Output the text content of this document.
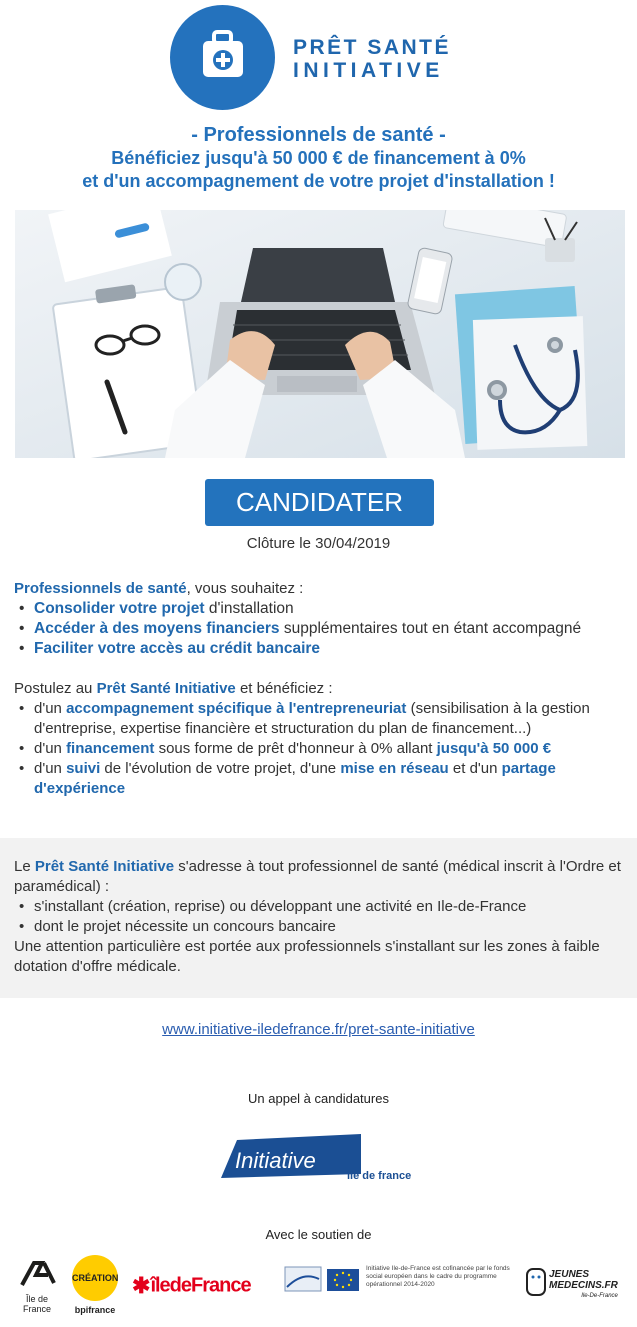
PRÊT SANTÉ
INITIATIVE
- Professionnels de santé -
Bénéficiez jusqu'à 50 000 € de financement à 0%
et d'un accompagnement de votre projet d'installation !
CANDIDATER
Clôture le 30/04/2019

Professionnels de santé, vous souhaitez :

• Consolider votre projet d'installation
• Accéder à des moyens financiers supplémentaires tout en étant accompagné
• Faciliter votre accès au crédit bancaire

Postulez au Prêt Santé Initiative et bénéficiez :

• d'un accompagnement spécifique à l'entrepreneuriat (sensibilisation à la gestion d'entreprise, expertise financière et structuration du plan de financement...)
• d'un financement sous forme de prêt d'honneur à 0% allant jusqu'à 50 000 €
• d'un suivi de l'évolution de votre projet, d'une mise en réseau et d'un partage d'expérience

Le Prêt Santé Initiative s'adresse à tout professionnel de santé (médical inscrit à l'Ordre et paramédical) :

• s'installant (création, reprise) ou développant une activité en Ile-de-France
• dont le projet nécessite un concours bancaire

Une attention particulière est portée aux professionnels s'installant sur les zones à faible dotation d'offre médicale.

www.initiative-iledefrance.fr/pret-sante-initiative
Un appel à candidatures
Initiative
ile de france
Avec le soutien de
Île de
France
CRÉATION
bpifrance
✱îledeFrance
Initiative Ile-de-France est cofinancée par le fonds social européen dans le cadre du programme opérationnel 2014-2020
JEUNES
MEDECINS.FR
Ile-De-France
